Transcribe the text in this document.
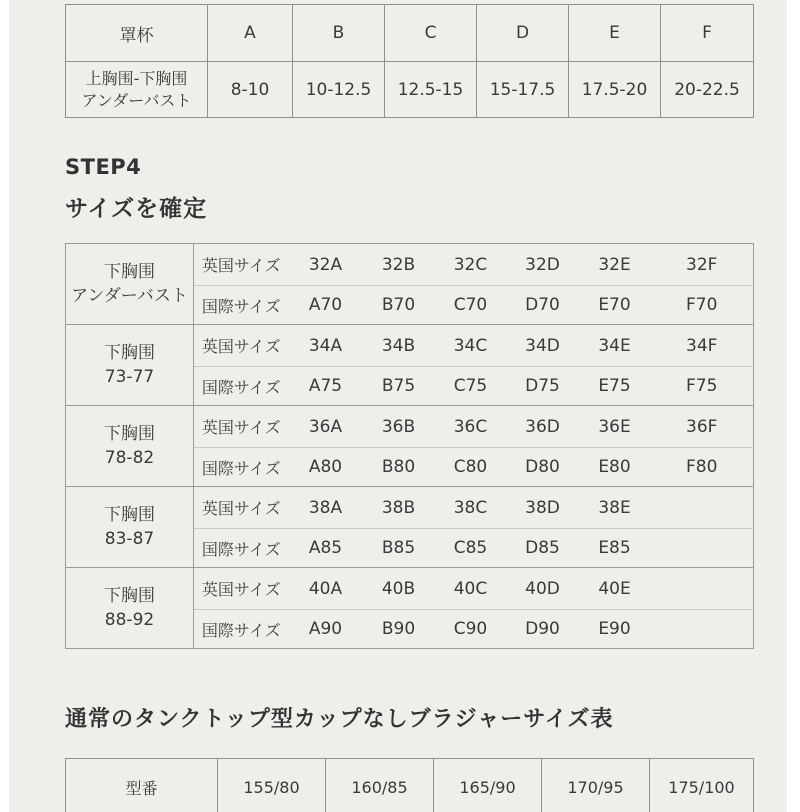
罩杯	A	B	C	D	E	F

上胸围-下胸围
アンダーバスト	8-10	10-12.5	12.5-15	15-17.5	17.5-20	20-22.5
STEP4
サイズを確定
下胸围
アンダーバスト	英国サイズ	32A	32B	32C	32D	32E	32F
	国際サイズ	A70	B70	C70	D70	E70	F70

下胸围
73-77	英国サイズ	34A	34B	34C	34D	34E	34F
	国際サイズ	A75	B75	C75	D75	E75	F75

下胸围
78-82	英国サイズ	36A	36B	36C	36D	36E	36F
	国際サイズ	A80	B80	C80	D80	E80	F80

下胸围
83-87	英国サイズ	38A	38B	38C	38D	38E	
	国際サイズ	A85	B85	C85	D85	E85	

下胸围
88-92	英国サイズ	40A	40B	40C	40D	40E	
	国際サイズ	A90	B90	C90	D90	E90	
通常のタンクトップ型カップなしブラジャーサイズ表
型番	155/80	160/85	165/90	170/95	175/100
